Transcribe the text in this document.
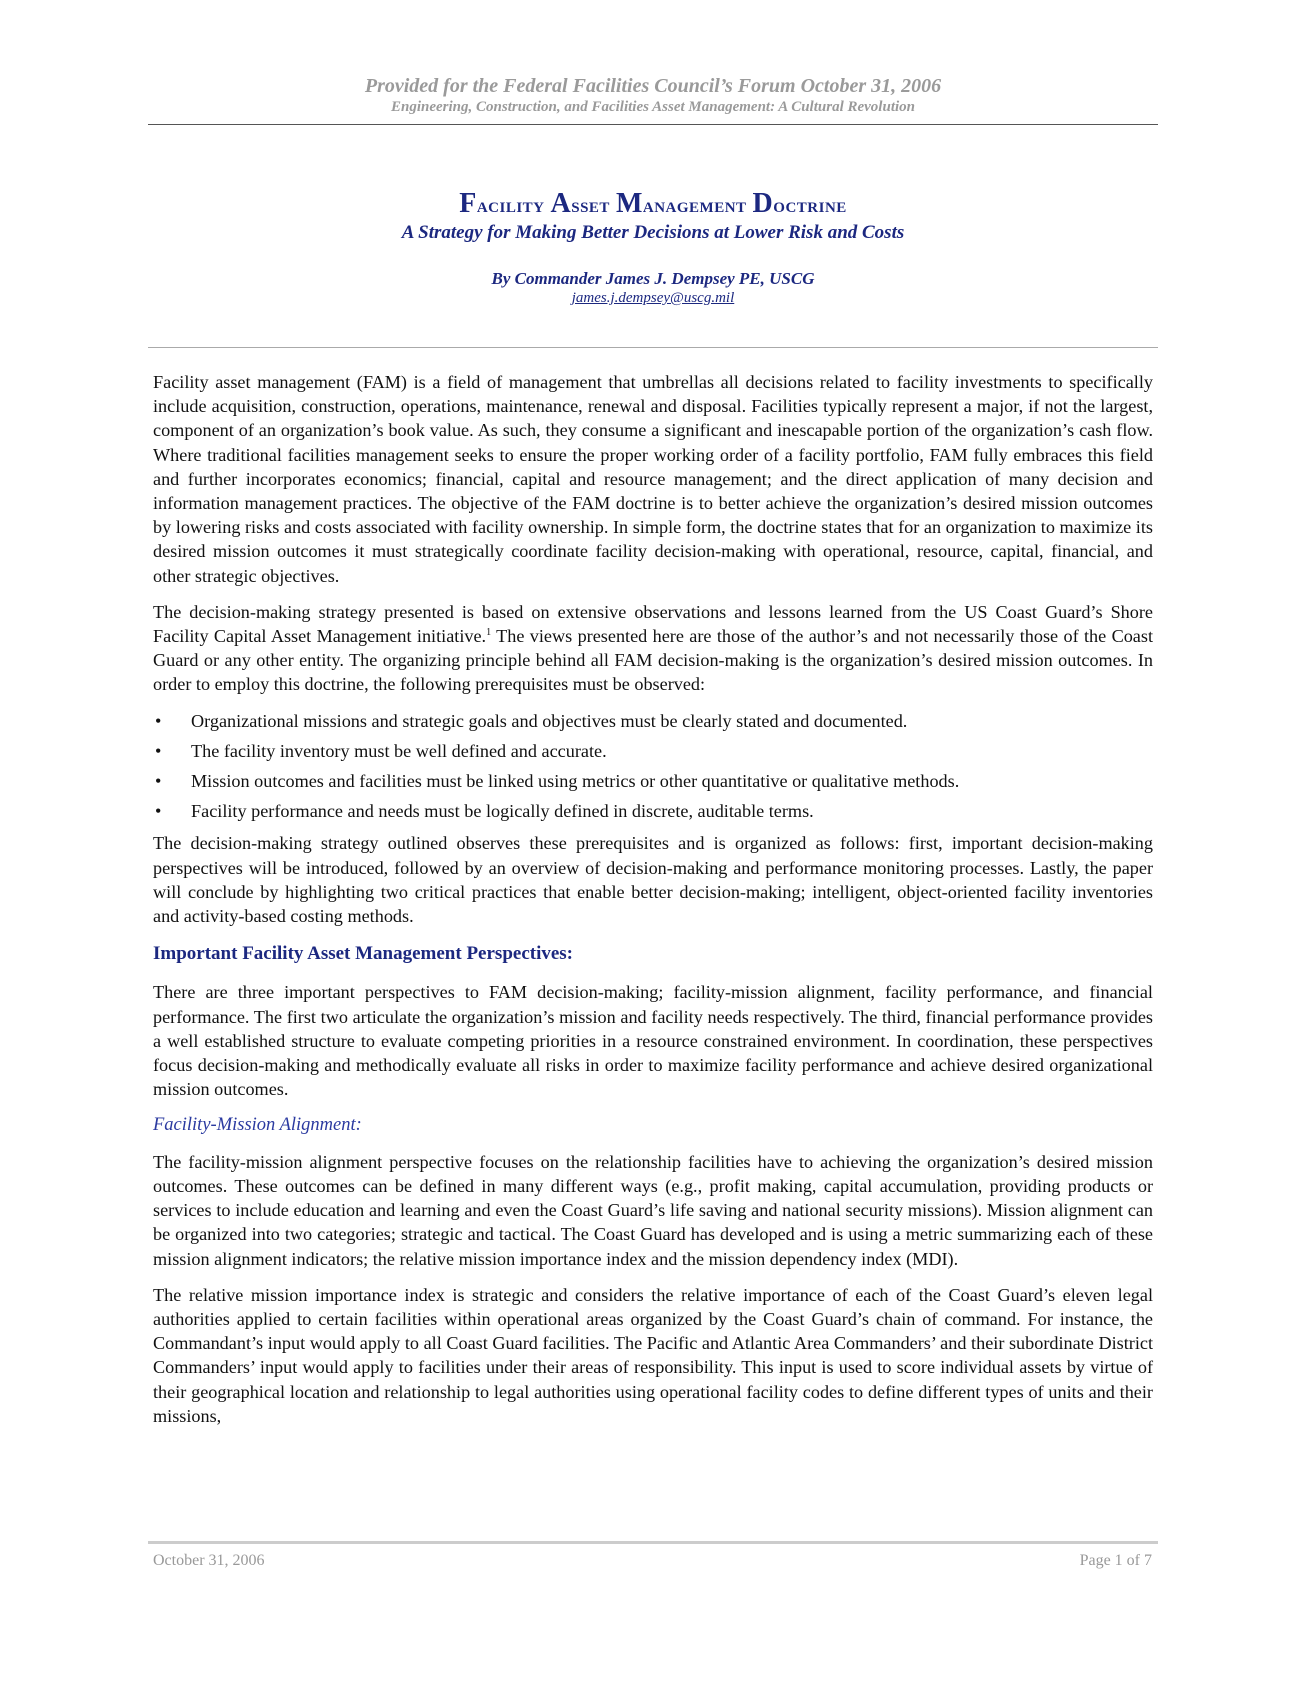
Provided for the Federal Facilities Council’s Forum October 31, 2006
Engineering, Construction, and Facilities Asset Management: A Cultural Revolution
Facility Asset Management Doctrine
A Strategy for Making Better Decisions at Lower Risk and Costs
By Commander James J. Dempsey PE, USCG
james.j.dempsey@uscg.mil

Facility asset management (FAM) is a field of management that umbrellas all decisions related to facility investments to specifically include acquisition, construction, operations, maintenance, renewal and disposal. Facilities typically represent a major, if not the largest, component of an organization’s book value. As such, they consume a significant and inescapable portion of the organization’s cash flow. Where traditional facilities management seeks to ensure the proper working order of a facility portfolio, FAM fully embraces this field and further incorporates economics; financial, capital and resource management; and the direct application of many decision and information management practices. The objective of the FAM doctrine is to better achieve the organization’s desired mission outcomes by lowering risks and costs associated with facility ownership. In simple form, the doctrine states that for an organization to maximize its desired mission outcomes it must strategically coordinate facility decision-making with operational, resource, capital, financial, and other strategic objectives.

The decision-making strategy presented is based on extensive observations and lessons learned from the US Coast Guard’s Shore Facility Capital Asset Management initiative.$^1$ The views presented here are those of the author’s and not necessarily those of the Coast Guard or any other entity. The organizing principle behind all FAM decision-making is the organization’s desired mission outcomes. In order to employ this doctrine, the following prerequisites must be observed:

• Organizational missions and strategic goals and objectives must be clearly stated and documented.
• The facility inventory must be well defined and accurate.
• Mission outcomes and facilities must be linked using metrics or other quantitative or qualitative methods.
• Facility performance and needs must be logically defined in discrete, auditable terms.

The decision-making strategy outlined observes these prerequisites and is organized as follows: first, important decision-making perspectives will be introduced, followed by an overview of decision-making and performance monitoring processes. Lastly, the paper will conclude by highlighting two critical practices that enable better decision-making; intelligent, object-oriented facility inventories and activity-based costing methods.

Important Facility Asset Management Perspectives:

There are three important perspectives to FAM decision-making; facility-mission alignment, facility performance, and financial performance. The first two articulate the organization’s mission and facility needs respectively. The third, financial performance provides a well established structure to evaluate competing priorities in a resource constrained environment. In coordination, these perspectives focus decision-making and methodically evaluate all risks in order to maximize facility performance and achieve desired organizational mission outcomes.

Facility-Mission Alignment:

The facility-mission alignment perspective focuses on the relationship facilities have to achieving the organization’s desired mission outcomes. These outcomes can be defined in many different ways (e.g., profit making, capital accumulation, providing products or services to include education and learning and even the Coast Guard’s life saving and national security missions). Mission alignment can be organized into two categories; strategic and tactical. The Coast Guard has developed and is using a metric summarizing each of these mission alignment indicators; the relative mission importance index and the mission dependency index (MDI).

The relative mission importance index is strategic and considers the relative importance of each of the Coast Guard’s eleven legal authorities applied to certain facilities within operational areas organized by the Coast Guard’s chain of command. For instance, the Commandant’s input would apply to all Coast Guard facilities. The Pacific and Atlantic Area Commanders’ and their subordinate District Commanders’ input would apply to facilities under their areas of responsibility. This input is used to score individual assets by virtue of their geographical location and relationship to legal authorities using operational facility codes to define different types of units and their missions,

October 31, 2006	Page 1 of 7
